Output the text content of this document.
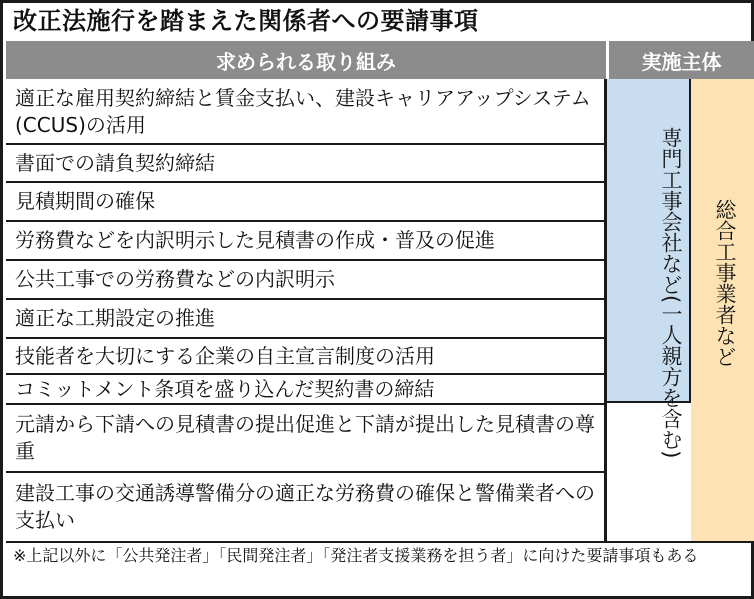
改正法施行を踏まえた関係者への要請事項
求められる取り組み	実施主体
専門工事会社など(一人親方を含む) 総合工事業者など
適正な雇用契約締結と賃金支払い、建設キャリアアップシステム(CCUS)の活用
書面での請負契約締結
見積期間の確保
労務費などを内訳明示した見積書の作成・普及の促進
公共工事での労務費などの内訳明示
適正な工期設定の推進
技能者を大切にする企業の自主宣言制度の活用
コミットメント条項を盛り込んだ契約書の締結
元請から下請への見積書の提出促進と下請が提出した見積書の尊重
建設工事の交通誘導警備分の適正な労務費の確保と警備業者への支払い
※上記以外に「公共発注者」「民間発注者」「発注者支援業務を担う者」に向けた要請事項もある
